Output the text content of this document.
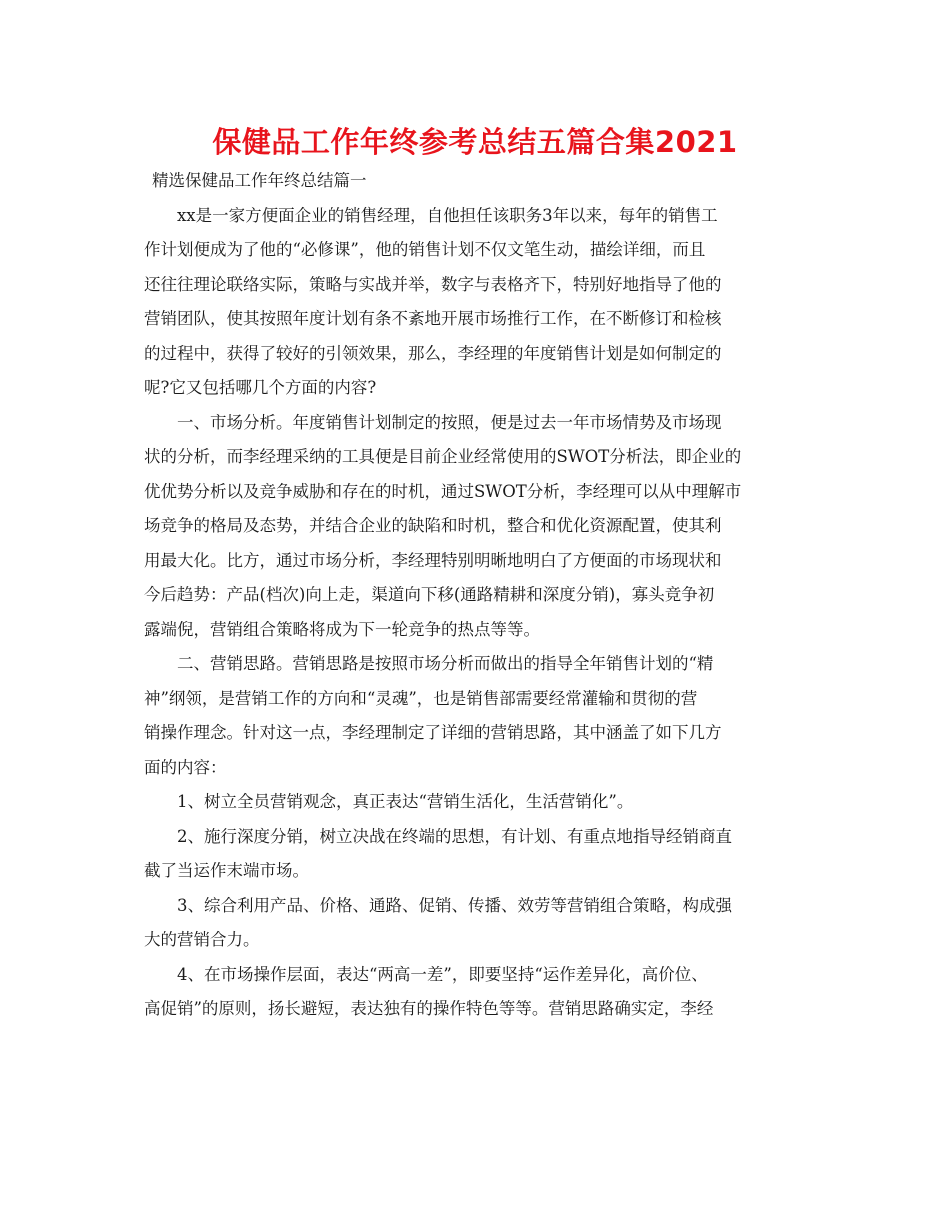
保健品工作年终参考总结五篇合集2021

精选保健品工作年终总结篇一

xx是一家方便面企业的销售经理，自他担任该职务3年以来，每年的销售工
作计划便成为了他的“必修课”，他的销售计划不仅文笔生动，描绘详细，而且
还往往理论联络实际，策略与实战并举，数字与表格齐下，特别好地指导了他的
营销团队，使其按照年度计划有条不紊地开展市场推行工作，在不断修订和检核
的过程中，获得了较好的引领效果，那么，李经理的年度销售计划是如何制定的
呢?它又包括哪几个方面的内容?

一、市场分析。年度销售计划制定的按照，便是过去一年市场情势及市场现
状的分析，而李经理采纳的工具便是目前企业经常使用的SWOT分析法，即企业的
优优势分析以及竞争威胁和存在的时机，通过SWOT分析，李经理可以从中理解市
场竞争的格局及态势，并结合企业的缺陷和时机，整合和优化资源配置，使其利
用最大化。比方，通过市场分析，李经理特别明晰地明白了方便面的市场现状和
今后趋势：产品(档次)向上走，渠道向下移(通路精耕和深度分销)，寡头竞争初
露端倪，营销组合策略将成为下一轮竞争的热点等等。

二、营销思路。营销思路是按照市场分析而做出的指导全年销售计划的“精
神”纲领，是营销工作的方向和“灵魂”，也是销售部需要经常灌输和贯彻的营
销操作理念。针对这一点，李经理制定了详细的营销思路，其中涵盖了如下几方
面的内容：

1、树立全员营销观念，真正表达“营销生活化，生活营销化”。

2、施行深度分销，树立决战在终端的思想，有计划、有重点地指导经销商直
截了当运作末端市场。

3、综合利用产品、价格、通路、促销、传播、效劳等营销组合策略，构成强
大的营销合力。

4、在市场操作层面，表达“两高一差”，即要坚持“运作差异化，高价位、
高促销”的原则，扬长避短，表达独有的操作特色等等。营销思路确实定，李经
